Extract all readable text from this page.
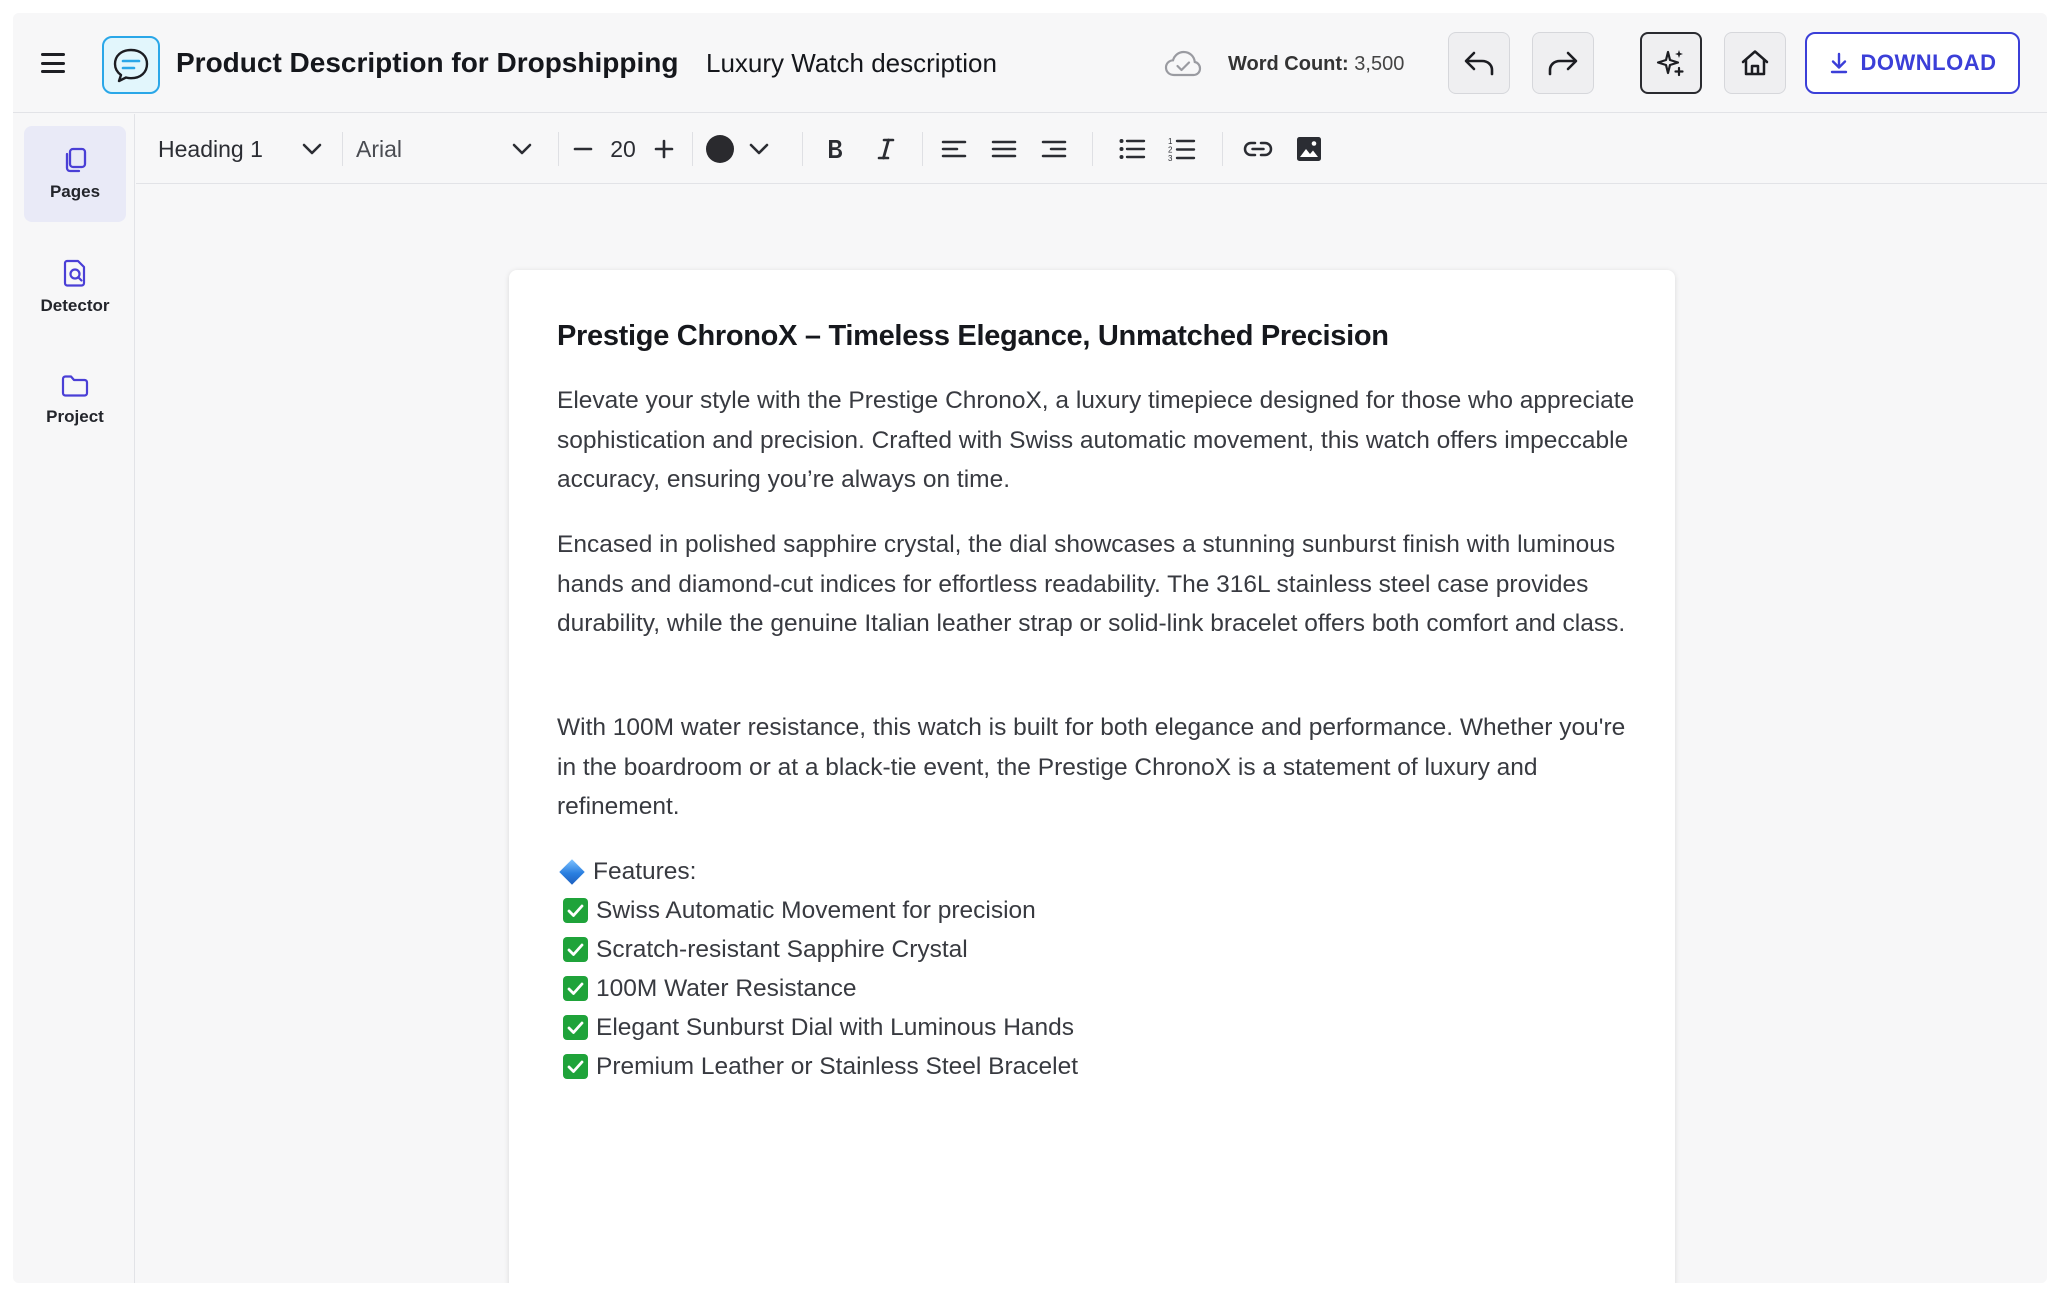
Product Description for Dropshipping Luxury Watch description	Word Count: 3,500	DOWNLOAD
Pages
Detector
Project
Heading 1	Arial	20	1
2
3
Prestige ChronoX – Timeless Elegance, Unmatched Precision
Elevate your style with the Prestige ChronoX, a luxury timepiece designed for those who appreciate sophistication and precision. Crafted with Swiss automatic movement, this watch offers impeccable accuracy, ensuring you’re always on time.
Encased in polished sapphire crystal, the dial showcases a stunning sunburst finish with luminous hands and diamond-cut indices for effortless readability. The 316L stainless steel case provides durability, while the genuine Italian leather strap or solid-link bracelet offers both comfort and class.
With 100M water resistance, this watch is built for both elegance and performance. Whether you're in the boardroom or at a black-tie event, the Prestige ChronoX is a statement of luxury and refinement.
Features:
Swiss Automatic Movement for precision
Scratch-resistant Sapphire Crystal
100M Water Resistance
Elegant Sunburst Dial with Luminous Hands
Premium Leather or Stainless Steel Bracelet
